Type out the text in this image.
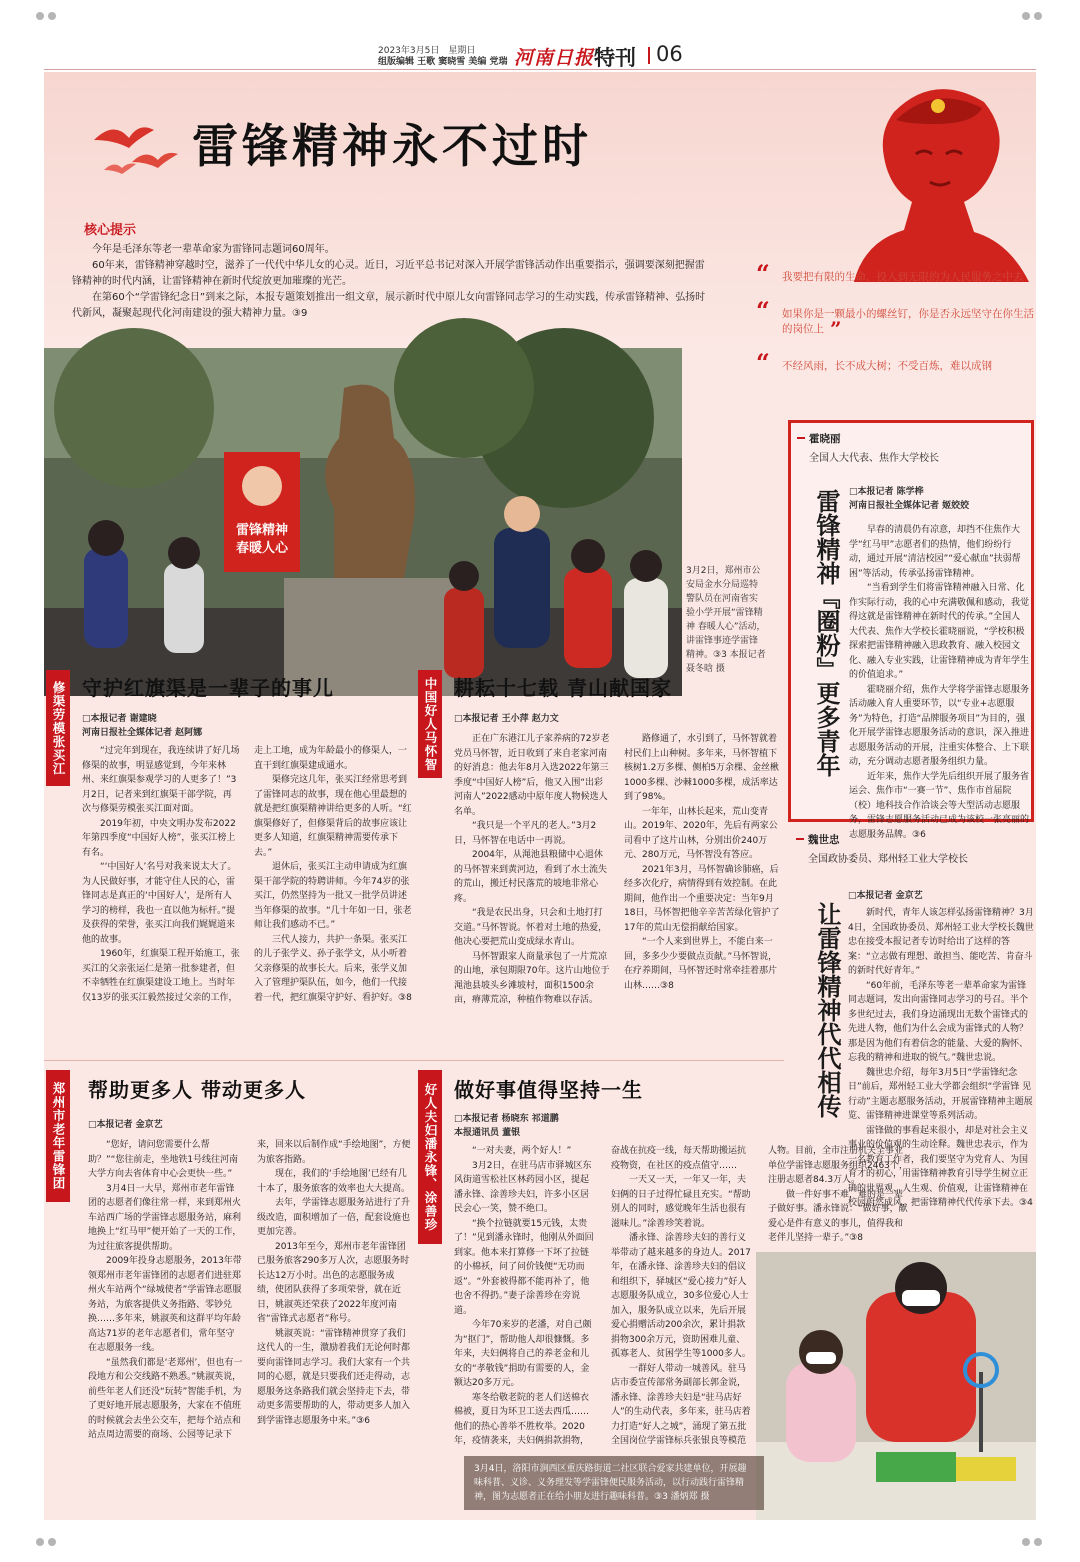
2023年3月5日　星期日
组版编辑 王歌 窦晓雪 美编 党瑞 河南日报 特刊 06
雷锋精神永不过时
核心提示

今年是毛泽东等老一辈革命家为雷锋同志题词60周年。

60年来，雷锋精神穿越时空，滋养了一代代中华儿女的心灵。近日，习近平总书记对深入开展学雷锋活动作出重要指示，强调要深刻把握雷锋精神的时代内涵，让雷锋精神在新时代绽放更加璀璨的光芒。

在第60个“学雷锋纪念日”到来之际，本报专题策划推出一组文章，展示新时代中原儿女向雷锋同志学习的生动实践，传承雷锋精神、弘扬时代新风，凝聚起现代化河南建设的强大精神力量。③9

“ 我要把有限的生命，投入到无限的为人民服务之中去
“ 如果你是一颗最小的螺丝钉，你是否永远坚守在你生活的岗位上 ”
“ 不经风雨，长不成大树；不受百炼，难以成钢
雷锋精神
春暖人心
3月2日，郑州市公安局金水分局巡特警队员在河南省实验小学开展“雷锋精神 春暖人心”活动，讲雷锋事迹学雷锋精神。③3 本报记者 聂冬晗 摄
霍晓丽
全国人大代表、焦作大学校长
雷锋精神『圈粉』更多青年 □本报记者 陈学桦
河南日报社全媒体记者 姬姣姣

早春的清晨仍有凉意，却挡不住焦作大学“红马甲”志愿者们的热情，他们纷纷行动，通过开展“清洁校园”“爱心献血”扶弱帮困”等活动，传承弘扬雷锋精神。

“当看到学生们将雷锋精神融入日常、化作实际行动，我的心中充满敬佩和感动，我觉得这就是雷锋精神在新时代的传承。”全国人大代表、焦作大学校长霍晓丽说，“学校积极探索把雷锋精神融入思政教育、融入校园文化、融入专业实践，让雷锋精神成为青年学生的价值追求。”

霍晓丽介绍，焦作大学将学雷锋志愿服务活动融入育人重要环节，以“专业+志愿服务”为特色，打造“品牌服务项目”为目的，强化开展学雷锋志愿服务活动的意识，深入推进志愿服务活动的开展，注重实体整合、上下联动，充分调动志愿者服务组织力量。

近年来，焦作大学先后组织开展了服务省运会、焦作市“一赛一节”、焦作市首届院（校）地科技合作洽谈会等大型活动志愿服务，雷锋志愿服务活动已成为该校一张亮丽的志愿服务品牌。③6

魏世忠
全国政协委员、郑州轻工业大学校长
让雷锋精神代代相传
□本报记者 金京艺

新时代，青年人该怎样弘扬雷锋精神？3月4日，全国政协委员、郑州轻工业大学校长魏世忠在接受本报记者专访时给出了这样的答案：“立志做有理想、敢担当、能吃苦、肯奋斗的新时代好青年。”

“60年前，毛泽东等老一辈革命家为雷锋同志题词，发出向雷锋同志学习的号召。半个多世纪过去，我们身边涌现出无数个雷锋式的先进人物，他们为什么会成为雷锋式的人物？那是因为他们有着信念的能量、大爱的胸怀、忘我的精神和进取的锐气。”魏世忠说。

魏世忠介绍，每年3月5日“学雷锋纪念日”前后，郑州轻工业大学都会组织“学雷锋 见行动”主题志愿服务活动，开展雷锋精神主题展览、雷锋精神进课堂等系列活动。

雷锋做的事看起来很小，却是对社会主义事业的价值观的生动诠释。魏世忠表示，作为一名教育工作者，我们要坚守为党育人、为国育才的初心，用雷锋精神教育引导学生树立正确的世界观、人生观、价值观，让雷锋精神在校园蔚然成风，把雷锋精神代代传承下去。③4

修渠劳模张买江 守护红旗渠是一辈子的事儿
□本报记者 谢建晓
河南日报社全媒体记者 赵阿娜

“过完年到现在，我连续讲了好几场修渠的故事，明显感觉到，今年来林州、来红旗渠参观学习的人更多了！”3月2日，记者来到红旗渠干部学院，再次与修渠劳模张买江面对面。

2019年初，中央文明办发布2022年第四季度“中国好人榜”，张买江榜上有名。

“‘中国好人’名号对我来说太大了。为人民做好事，才能守住人民的心，雷锋同志是真正的‘中国好人’，是所有人学习的榜样，我也一直以他为标杆。”提及获得的荣誉，张买江向我们娓娓道来他的故事。

1960年，红旗渠工程开始施工，张买江的父亲张运仁是第一批参建者，但不幸牺牲在红旗渠建设工地上。当时年仅13岁的张买江毅然接过父亲的工作，走上工地，成为年龄最小的修渠人，一直干到红旗渠建成通水。

渠修完这几年，张买江经常思考到了雷锋同志的故事，现在他心里最想的就是把红旗渠精神讲给更多的人听。“红旗渠修好了，但修渠背后的故事应该让更多人知道，红旗渠精神需要传承下去。”

退休后，张买江主动申请成为红旗渠干部学院的特聘讲师。今年74岁的张买江，仍然坚持为一批又一批学员讲述当年修渠的故事。“几十年如一日，张老师让我们感动不已。”

三代人接力，共护一条渠。张买江的儿子张学义、孙子张学文，从小听着父亲修渠的故事长大。后来，张学义加入了管理护渠队伍，如今，他们一代接着一代，把红旗渠守护好、看护好。③8

中国好人马怀智 耕耘十七载 青山献国家
□本报记者 王小萍 赵力文

正在广东港江儿子家养病的72岁老党员马怀智，近日收到了来自老家河南的好消息：他去年8月入选2022年第三季度“中国好人榜”后，他又入围“出彩河南人”2022感动中原年度人物候选人名单。

“我只是一个平凡的老人。”3月2日，马怀智在电话中一再说。

2004年，从渑池县粮储中心退休的马怀智来到黄河边，看到了水土流失的荒山，搬迁村民落荒的坡地非常心疼。

“我是农民出身，只会和土地打打交道。”马怀智说。怀着对土地的热爱，他决心要把荒山变成绿水青山。

马怀智跟家人商量承包了一片荒凉的山地，承包期限70年。这片山地位于渑池县坡头乡滩坡村，面积1500余亩，瘠薄荒凉，种植作物难以存活。

路修通了，水引到了，马怀智就着村民们上山种树。多年来，马怀智植下核树1.2万多棵、侧柏5万余棵、金丝楸1000多棵、沙棘1000多棵，成活率达到了98%。

一年年，山林长起来，荒山变青山。2019年、2020年，先后有两家公司看中了这片山林，分别出价240万元、280万元，马怀智没有答应。

2021年3月，马怀智确诊肺癌，后经多次化疗，病情得到有效控制。在此期间，他作出一个重要决定：当年9月18日，马怀智把他辛辛苦苦绿化管护了17年的荒山无偿捐献给国家。

“一个人来到世界上，不能白来一回，多多少少要做点贡献。”马怀智说，在疗养期间，马怀智还时常牵挂着那片山林……③8

郑州市老年雷锋团 帮助更多人 带动更多人
□本报记者 金京艺

“您好，请问您需要什么帮助？”“您往前走，坐地铁1号线往河南大学方向去省体育中心会更快一些。”

3月4日一大早，郑州市老年雷锋团的志愿者们像往常一样，来到郑州火车站西广场的学雷锋志愿服务站，麻利地换上“红马甲”便开始了一天的工作，为过往旅客提供帮助。

2009年投身志愿服务，2013年带领郑州市老年雷锋团的志愿者们进驻郑州火车站两个“绿城使者”学雷锋志愿服务站，为旅客提供义务指路、零钞兑换……多年来，姚淑英和这群平均年龄高达71岁的老年志愿者们，常年坚守在志愿服务一线。

“虽然我们都是‘老郑州’，但也有一段地方和公交线路不熟悉。”姚淑英说，前些年老人们还没“玩转”智能手机，为了更好地开展志愿服务，大家在不值班的时候就会去坐公交车，把每个站点和站点周边需要的商场、公园等记录下来，回来以后制作成“手绘地图”，方便为旅客指路。

现在，我们的‘手绘地图’已经有几十本了，服务旅客的效率也大大提高。

去年，学雷锋志愿服务站进行了升级改造，面积增加了一倍，配套设施也更加完善。

2013年至今，郑州市老年雷锋团已服务旅客290多万人次，志愿服务时长达12万小时。出色的志愿服务成绩，使团队获得了多项荣誉，就在近日，姚淑英还荣获了2022年度河南省“雷锋式志愿者”称号。

姚淑英说：“雷锋精神贯穿了我们这代人的一生，激励着我们无论何时都要向雷锋同志学习。我们大家有一个共同的心愿，就是只要我们还走得动，志愿服务这条路我们就会坚持走下去，带动更多需要帮助的人，带动更多人加入到学雷锋志愿服务中来。”③6

好人夫妇潘永锋、涂善珍 做好事值得坚持一生
□本报记者 杨晓东 祁道鹏
本报通讯员 董银

“一对夫妻，两个好人！”

3月2日，在驻马店市驿城区东风街道雪松社区林药园小区，提起潘永锋、涂善珍夫妇，许多小区居民会心一笑，赞不绝口。

“换个拉链就要15元钱，太贵了！”见到潘永锋时，他刚从外面回到家。他本来打算修一下坏了拉链的小棉袄，问了问价钱便“无功而返”。“外套被得都不能再补了，他也舍不得扔。”妻子涂善珍在旁说道。

今年70来岁的老潘，对自己颇为“抠门”，帮助他人却很慷慨。多年来，夫妇俩将自己的养老金和儿女的“孝敬钱”捐助有需要的人，金额达20多万元。

寒冬给敬老院的老人们送棉衣棉被，夏日为环卫工送去西瓜……他们的热心善举不胜枚举。2020年，疫情袭来，夫妇俩捐款捐物，奋战在抗疫一线，每天帮助搬运抗疫物资，在社区的疫点值守……

一天又一天，一年又一年，夫妇俩的日子过得忙碌且充实。“帮助别人的同时，感觉晚年生活也很有滋味儿。”涂善珍笑着说。

潘永锋、涂善珍夫妇的善行义举带动了越来越多的身边人。2017年，在潘永锋、涂善珍夫妇的倡议和组织下，驿城区“爱心接力”好人志愿服务队成立，30多位爱心人士加入，服务队成立以来，先后开展爱心捐赠活动200余次，累计捐款捐物300余万元，资助困难儿童、孤寡老人、贫困学生等1000多人。

一群好人带动一城善风。驻马店市委宣传部常务副部长郭金说，潘永锋、涂善珍夫妇是“驻马店好人”的生动代表，多年来，驻马店着力打造“好人之城”，涌现了第五批全国岗位学雷锋标兵张银良等模范人物。目前，全市注册机关全事业单位学雷锋志愿服务组织2463个，注册志愿者84.3万人。

做一件好事不难，难的是一辈子做好事。潘永锋说：“做好事，献爱心是件有意义的事儿，值得我和老伴儿坚持一辈子。”③8

3月4日，洛阳市涧西区重庆路街道二社区联合爱家共建单位，开展趣味科普、义诊、义务理发等学雷锋便民服务活动，以行动践行雷锋精神，图为志愿者正在给小朋友进行趣味科普。③3 潘炳郑 摄
